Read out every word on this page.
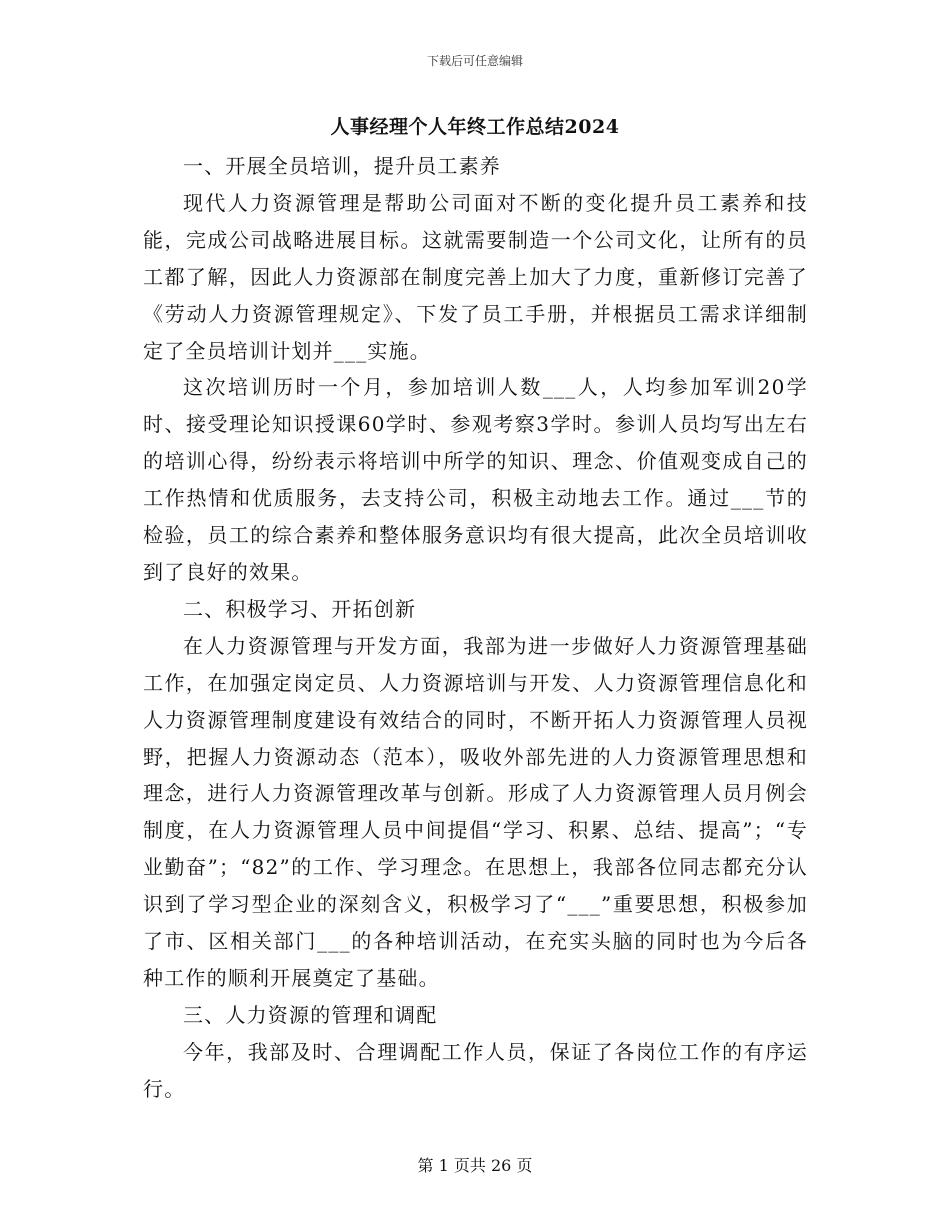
下载后可任意编辑
人事经理个人年终工作总结2024

一、开展全员培训，提升员工素养

现代人力资源管理是帮助公司面对不断的变化提升员工素养和技能，完成公司战略进展目标。这就需要制造一个公司文化，让所有的员工都了解，因此人力资源部在制度完善上加大了力度，重新修订完善了《劳动人力资源管理规定》、下发了员工手册，并根据员工需求详细制定了全员培训计划并___实施。

这次培训历时一个月，参加培训人数___人，人均参加军训20学时、接受理论知识授课60学时、参观考察3学时。参训人员均写出左右的培训心得，纷纷表示将培训中所学的知识、理念、价值观变成自己的工作热情和优质服务，去支持公司，积极主动地去工作。通过___节的检验，员工的综合素养和整体服务意识均有很大提高，此次全员培训收到了良好的效果。

二、积极学习、开拓创新

在人力资源管理与开发方面，我部为进一步做好人力资源管理基础工作，在加强定岗定员、人力资源培训与开发、人力资源管理信息化和人力资源管理制度建设有效结合的同时，不断开拓人力资源管理人员视野，把握人力资源动态（范本），吸收外部先进的人力资源管理思想和理念，进行人力资源管理改革与创新。形成了人力资源管理人员月例会制度，在人力资源管理人员中间提倡“学习、积累、总结、提高”；“专业勤奋”；“82”的工作、学习理念。在思想上，我部各位同志都充分认识到了学习型企业的深刻含义，积极学习了“___”重要思想，积极参加了市、区相关部门___的各种培训活动，在充实头脑的同时也为今后各种工作的顺利开展奠定了基础。

三、人力资源的管理和调配

今年，我部及时、合理调配工作人员，保证了各岗位工作的有序运行。

第 1 页共 26 页
